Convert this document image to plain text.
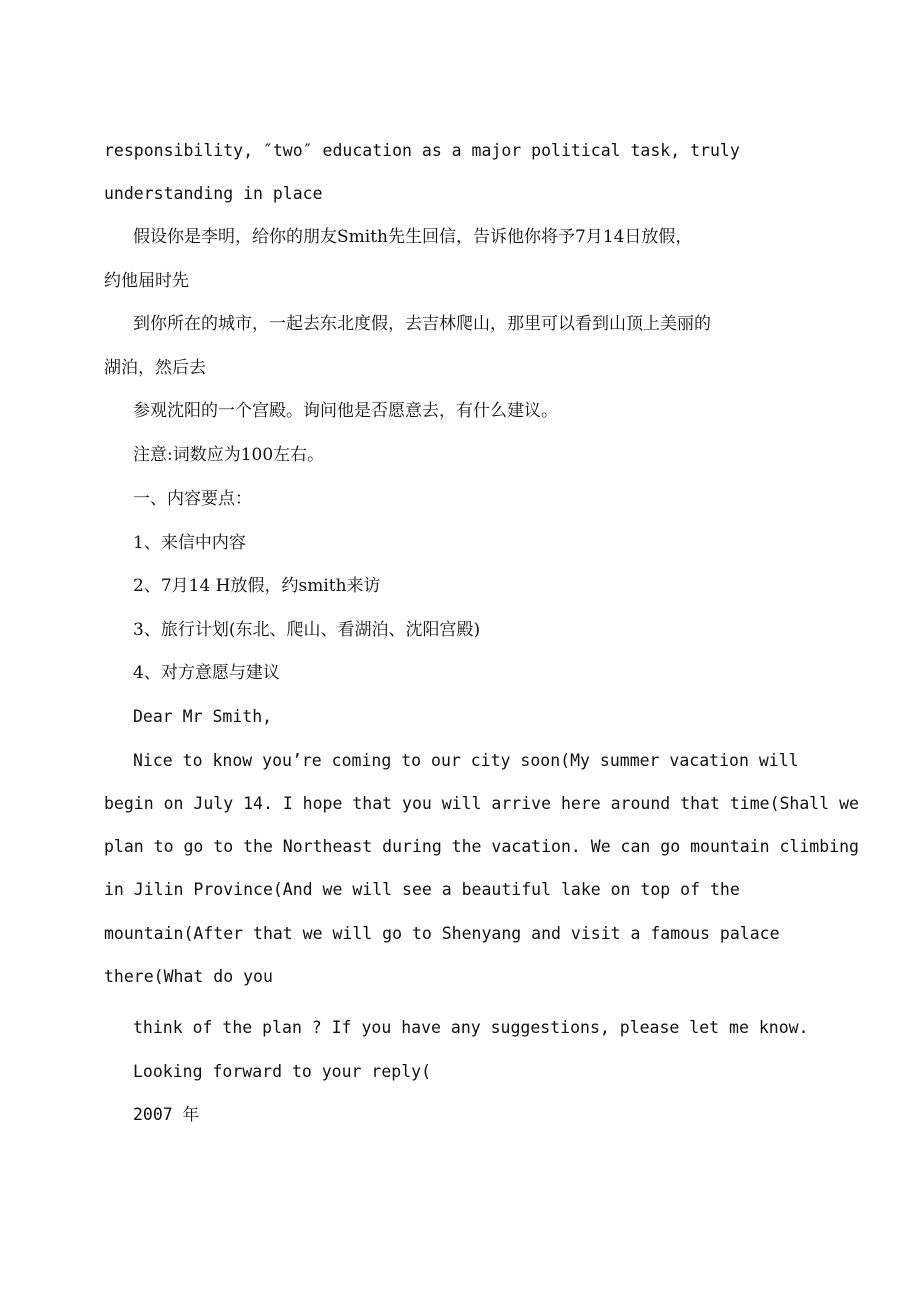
responsibility, ″two″ education as a major political task, truly

understanding in place

假设你是李明，给你的朋友Smith先生回信，告诉他你将予7月14日放假，

约他届时先

到你所在的城市，一起去东北度假，去吉林爬山，那里可以看到山顶上美丽的

湖泊，然后去

参观沈阳的一个宫殿。询问他是否愿意去，有什么建议。

注意:词数应为100左右。

一、内容要点：

1、来信中内容

2、7月14 H放假，约smith来访

3、旅行计划(东北、爬山、看湖泊、沈阳宫殿)

4、对方意愿与建议

Dear Mr Smith,

Nice to know you’re coming to our city soon(My summer vacation will

begin on July 14. I hope that you will arrive here around that time(Shall we

plan to go to the Northeast during the vacation. We can go mountain climbing

in Jilin Province(And we will see a beautiful lake on top of the

mountain(After that we will go to Shenyang and visit a famous palace

there(What do you

think of the plan ? If you have any suggestions, please let me know.

Looking forward to your reply(

2007 年
